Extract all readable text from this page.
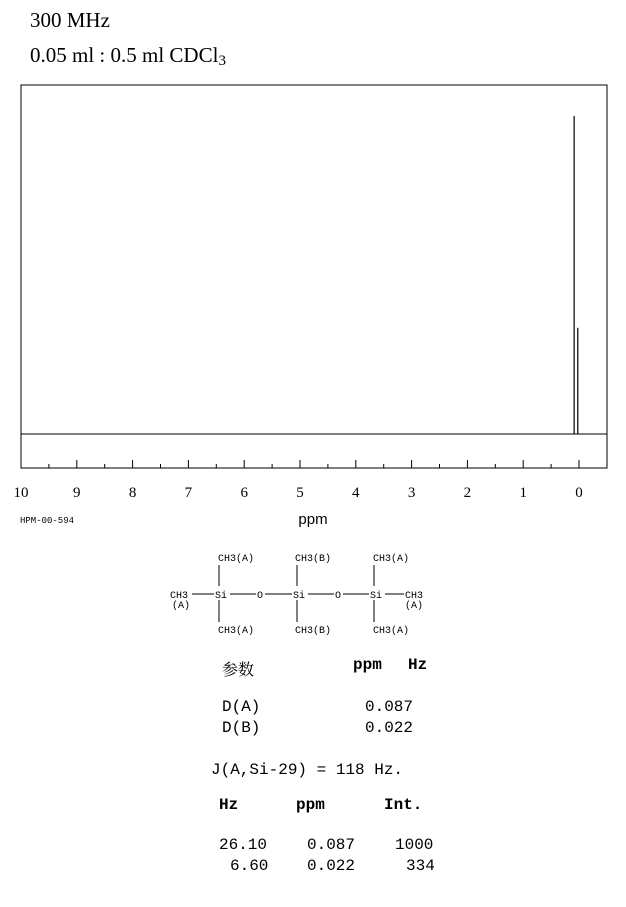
300 MHz
0.05 ml : 0.5 ml CDCl$_3$
10	9	8	7	6	5	4	3	2	1	0
ppm
HPM-00-594
CH3(A)	CH3(B)	CH3(A)
CH3
(A)
Si	O	Si	O	Si CH3
(A)
CH3(A)	CH3(B)	CH3(A)
参数	ppm Hz
D(A)	0.087
D(B)	0.022
J(A,Si-29) = 118 Hz.
Hz	ppm	Int.
26.10 0.087 1000
6.60 0.022	334
